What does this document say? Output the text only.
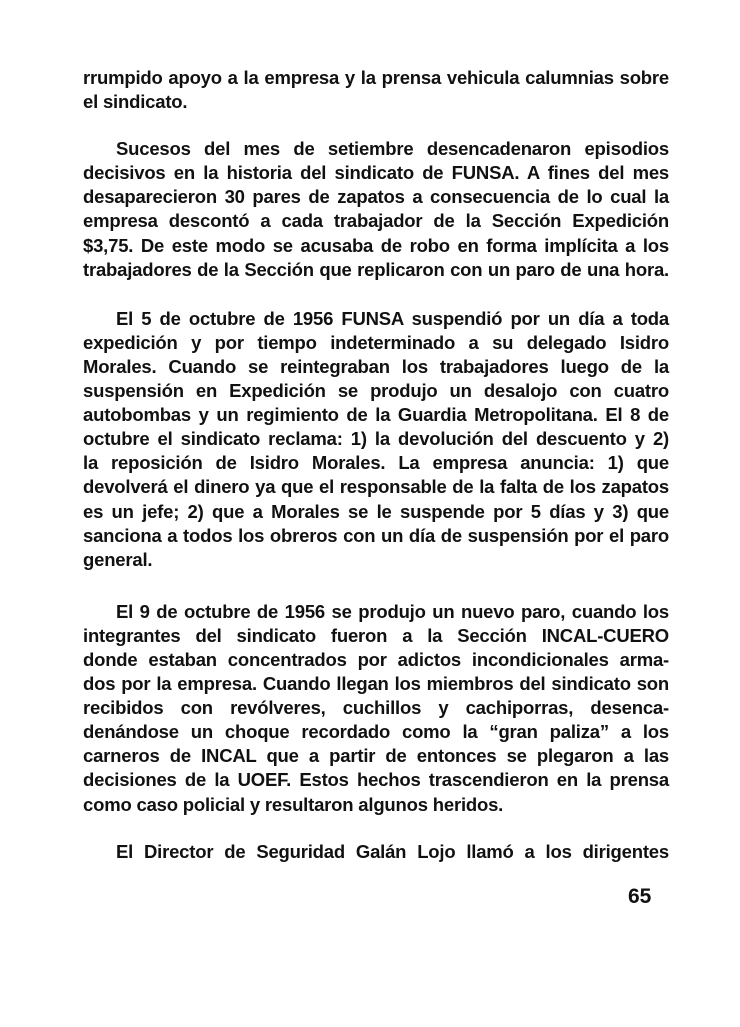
rrumpido apoyo a la empresa y la prensa vehicula calumnias sobre
el sindicato.
Sucesos del mes de setiembre desencadenaron episodios
decisivos en la historia del sindicato de FUNSA. A fines del mes
desaparecieron 30 pares de zapatos a consecuencia de lo cual la
empresa descontó a cada trabajador de la Sección Expedición
$3,75. De este modo se acusaba de robo en forma implícita a los
trabajadores de la Sección que replicaron con un paro de una hora.
El 5 de octubre de 1956 FUNSA suspendió por un día a toda
expedición y por tiempo indeterminado a su delegado Isidro
Morales. Cuando se reintegraban los trabajadores luego de la
suspensión en Expedición se produjo un desalojo con cuatro
autobombas y un regimiento de la Guardia Metropolitana. El 8 de
octubre el sindicato reclama: 1) la devolución del descuento y 2)
la reposición de Isidro Morales. La empresa anuncia: 1) que
devolverá el dinero ya que el responsable de la falta de los zapatos
es un jefe; 2) que a Morales se le suspende por 5 días y 3) que
sanciona a todos los obreros con un día de suspensión por el paro
general.
El 9 de octubre de 1956 se produjo un nuevo paro, cuando los
integrantes del sindicato fueron a la Sección INCAL-CUERO
donde estaban concentrados por adictos incondicionales arma-
dos por la empresa. Cuando llegan los miembros del sindicato son
recibidos con revólveres, cuchillos y cachiporras, desenca-
denándose un choque recordado como la “gran paliza” a los
carneros de INCAL que a partir de entonces se plegaron a las
decisiones de la UOEF. Estos hechos trascendieron en la prensa
como caso policial y resultaron algunos heridos.
El Director de Seguridad Galán Lojo llamó a los dirigentes
65
